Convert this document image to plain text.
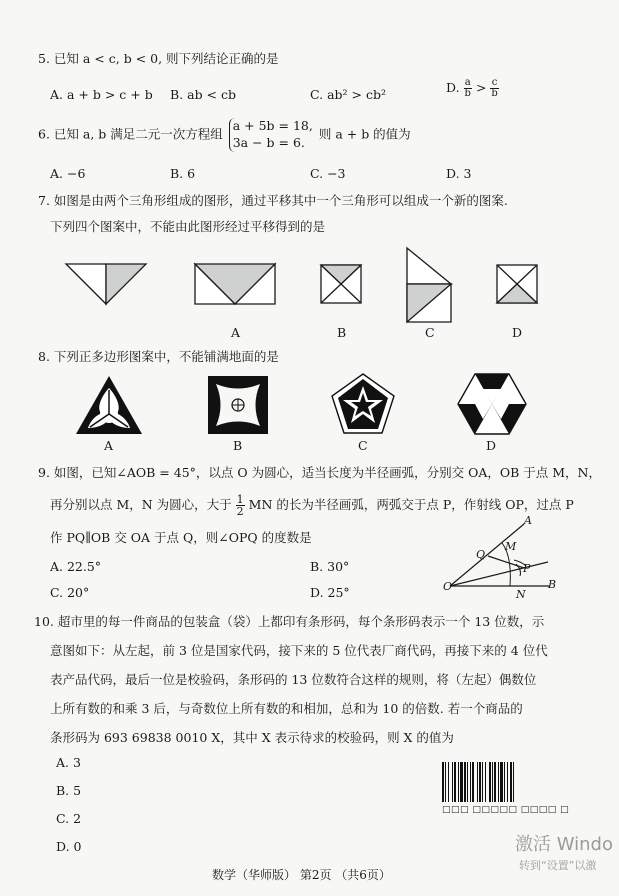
5. 已知 a < c, b < 0, 则下列结论正确的是
A. a + b > c + b B. ab < cb	C. ab² > cb²	D. $\frac{a}{b} > \frac{c}{b}$
6. 已知 a, b 满足二元一次方程组
a + 5b = 18,
3a − b = 6.
则 a + b 的值为
A. −6	B. 6	C. −3	D. 3
7. 如图是由两个三角形组成的图形，通过平移其中一个三角形可以组成一个新的图案.
下列四个图案中，不能由此图形经过平移得到的是
A	B	C	D
8. 下列正多边形图案中，不能铺满地面的是
A	B	C	D
9. 如图，已知∠AOB = 45°，以点 O 为圆心，适当长度为半径画弧，分别交 OA，OB 于点 M，N，
再分别以点 M，N 为圆心，大于 $\frac{1}{2}$ MN 的长为半径画弧，两弧交于点 P，作射线 OP，过点 P
作 PQ∥OB 交 OA 于点 Q，则∠OPQ 的度数是
A. 22.5°	B. 30°
C. 20°	D. 25°
A
M
Q
P
O
N
B
10. 超市里的每一件商品的包装盒（袋）上都印有条形码，每个条形码表示一个 13 位数，示
意图如下：从左起，前 3 位是国家代码，接下来的 5 位代表厂商代码，再接下来的 4 位代
表产品代码，最后一位是校验码，条形码的 13 位数符合这样的规则，将（左起）偶数位
上所有数的和乘 3 后，与奇数位上所有数的和相加，总和为 10 的倍数. 若一个商品的
条形码为 693 69838 0010 X，其中 X 表示待求的校验码，则 X 的值为
A. 3
B. 5
C. 2
D. 0
□□□ □□□□□ □□□□ □
数学（华师版） 第2页 （共6页）
激活 Windo
转到“设置”以激
